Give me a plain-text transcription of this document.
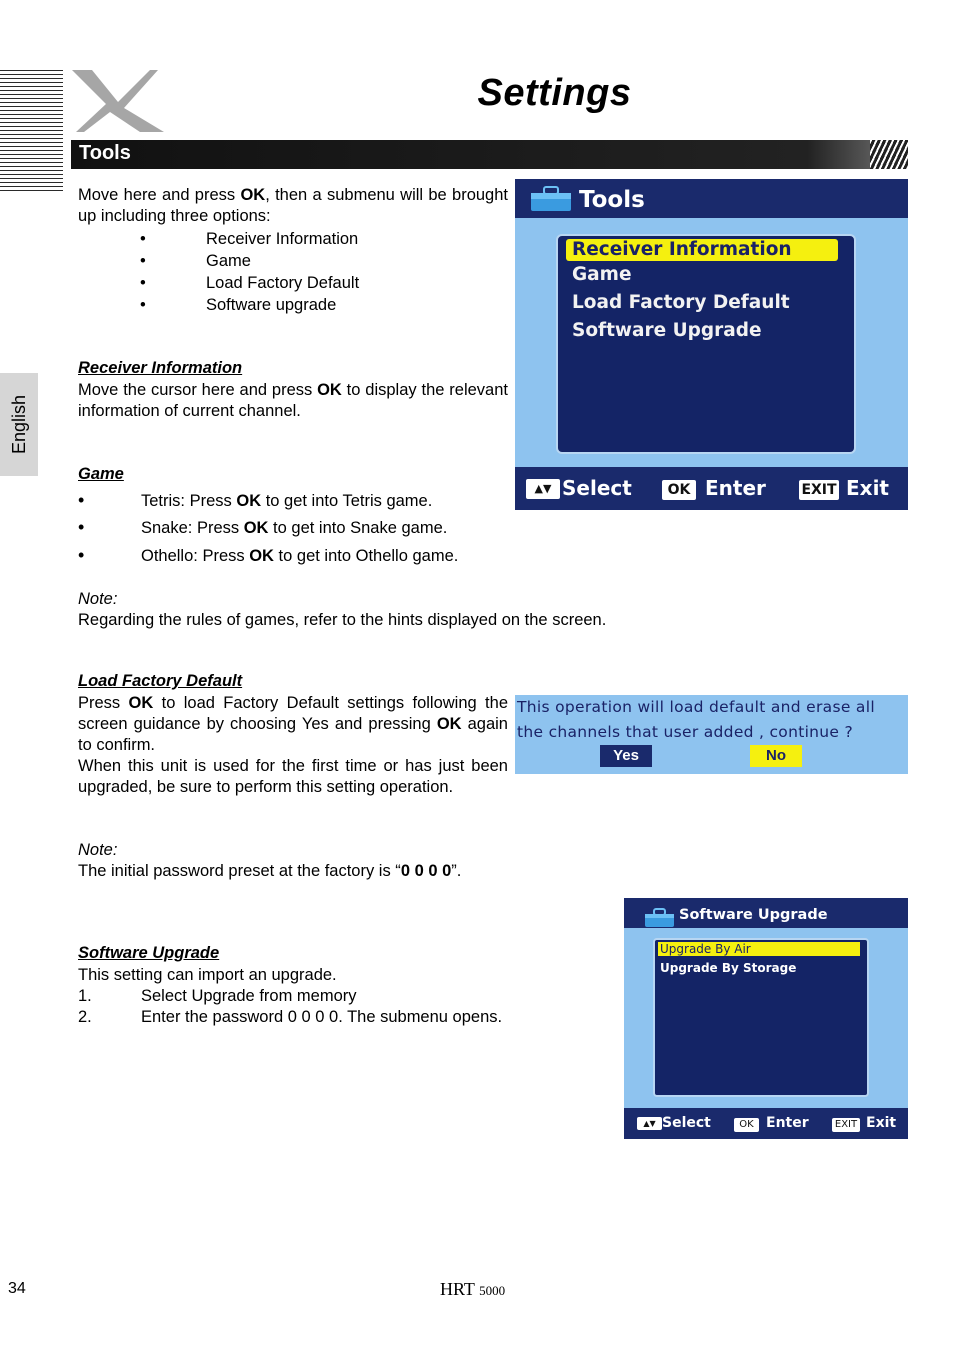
Settings
Tools
English
Move here and press OK, then a submenu will be brought up including three options:
•	Receiver Information
•	Game
•	Load Factory Default
•	Software upgrade
Receiver Information
Move the cursor here and press OK to display the relevant information of current channel.
Game
•	Tetris: Press OK to get into Tetris game.
•	Snake: Press OK to get into Snake game.
•	Othello: Press OK to get into Othello game.
Note:
Regarding the rules of games, refer to the hints displayed on the screen.
Load Factory Default
Press OK to load Factory Default settings following the screen guidance by choosing Yes and pressing OK again to confirm.
When this unit is used for the first time or has just been upgraded, be sure to perform this setting operation.
Note:
The initial password preset at the factory is “0 0 0 0”.
Software Upgrade
This setting can import an upgrade.
1.	Select Upgrade from memory
2.	Enter the password 0 0 0 0. The submenu opens.
Tools
Receiver Information
Game
Load Factory Default
Software Upgrade
▲▼ Select	OK Enter	EXIT Exit
This operation will load default and erase all
the channels that user added , continue ?
Yes	No
Software Upgrade
Upgrade By Air
Upgrade By Storage
▲▼ Select	OK Enter	EXIT Exit
34	HRT 5000
